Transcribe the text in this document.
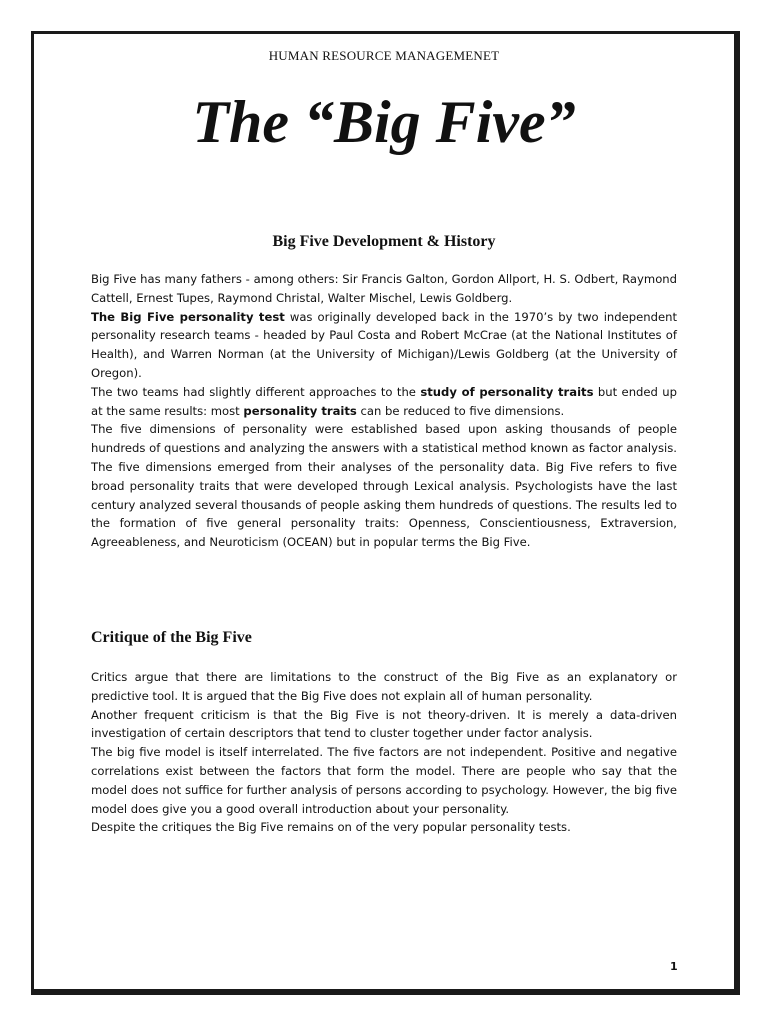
HUMAN RESOURCE MANAGEMENET
The “Big Five”
Big Five Development & History

Big Five has many fathers - among others: Sir Francis Galton, Gordon Allport, H. S. Odbert, Raymond Cattell, Ernest Tupes, Raymond Christal, Walter Mischel, Lewis Goldberg.

The Big Five personality test was originally developed back in the 1970’s by two independent personality research teams - headed by Paul Costa and Robert McCrae (at the National Institutes of Health), and Warren Norman (at the University of Michigan)/Lewis Goldberg (at the University of Oregon).

The two teams had slightly different approaches to the study of personality traits but ended up at the same results: most personality traits can be reduced to five dimensions.

The five dimensions of personality were established based upon asking thousands of people hundreds of questions and analyzing the answers with a statistical method known as factor analysis. The five dimensions emerged from their analyses of the personality data. Big Five refers to five broad personality traits that were developed through Lexical analysis. Psychologists have the last century analyzed several thousands of people asking them hundreds of questions. The results led to the formation of five general personality traits: Openness, Conscientiousness, Extraversion, Agreeableness, and Neuroticism (OCEAN) but in popular terms the Big Five.

Critique of the Big Five

Critics argue that there are limitations to the construct of the Big Five as an explanatory or predictive tool. It is argued that the Big Five does not explain all of human personality.

Another frequent criticism is that the Big Five is not theory-driven. It is merely a data-driven investigation of certain descriptors that tend to cluster together under factor analysis.

The big five model is itself interrelated. The five factors are not independent. Positive and negative correlations exist between the factors that form the model. There are people who say that the model does not suffice for further analysis of persons according to psychology. However, the big five model does give you a good overall introduction about your personality.

Despite the critiques the Big Five remains on of the very popular personality tests.

1
